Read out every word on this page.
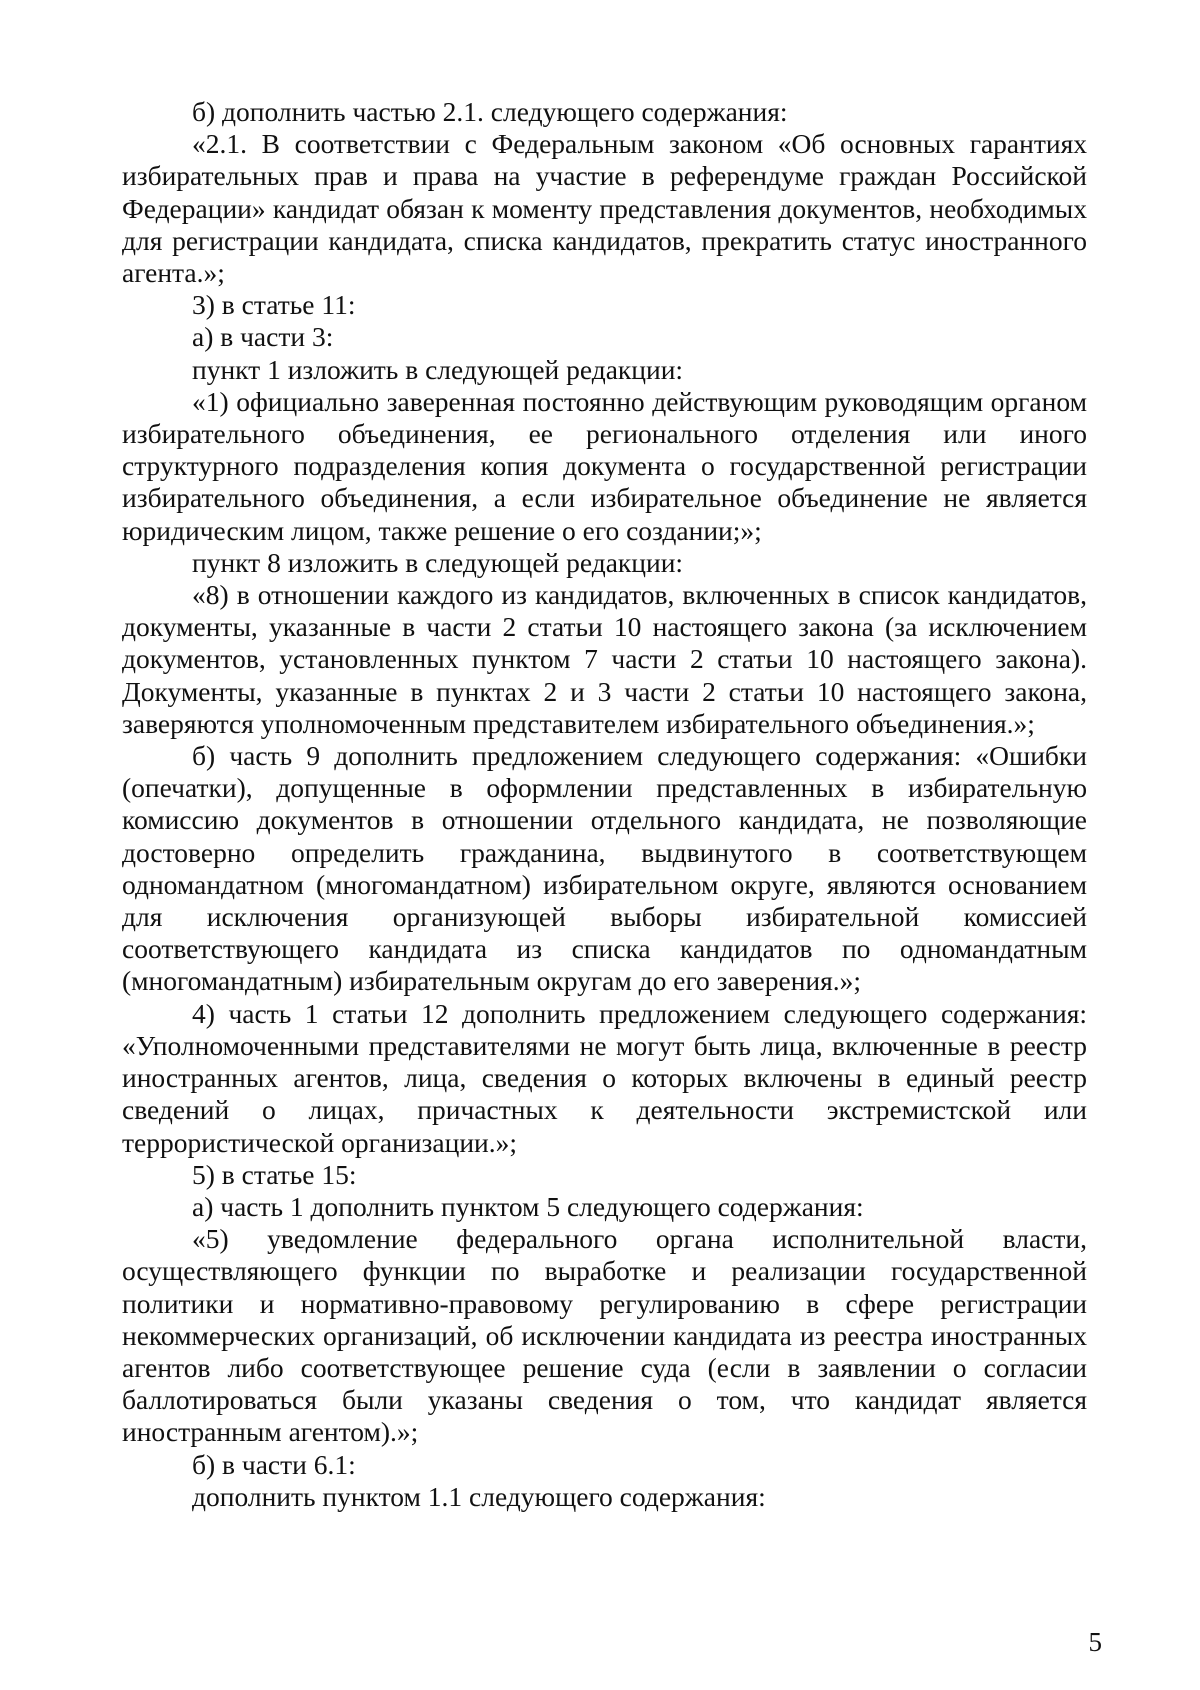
б) дополнить частью 2.1. следующего содержания:

«2.1. В соответствии с Федеральным законом «Об основных гарантиях избирательных прав и права на участие в референдуме граждан Российской Федерации» кандидат обязан к моменту представления документов, необходимых для регистрации кандидата, списка кандидатов, прекратить статус иностранного агента.»;

3) в статье 11:

а) в части 3:

пункт 1 изложить в следующей редакции:

«1) официально заверенная постоянно действующим руководящим органом избирательного объединения, ее регионального отделения или иного структурного подразделения копия документа о государственной регистрации избирательного объединения, а если избирательное объединение не является юридическим лицом, также решение о его создании;»;

пункт 8 изложить в следующей редакции:

«8) в отношении каждого из кандидатов, включенных в список кандидатов, документы, указанные в части 2 статьи 10 настоящего закона (за исключением документов, установленных пунктом 7 части 2 статьи 10 настоящего закона). Документы, указанные в пунктах 2 и 3 части 2 статьи 10 настоящего закона, заверяются уполномоченным представителем избирательного объединения.»;

б) часть 9 дополнить предложением следующего содержания: «Ошибки (опечатки), допущенные в оформлении представленных в избирательную комиссию документов в отношении отдельного кандидата, не позволяющие достоверно определить гражданина, выдвинутого в соответствующем одномандатном (многомандатном) избирательном округе, являются основанием для исключения организующей выборы избирательной комиссией соответствующего кандидата из списка кандидатов по одномандатным (многомандатным) избирательным округам до его заверения.»;

4) часть 1 статьи 12 дополнить предложением следующего содержания: «Уполномоченными представителями не могут быть лица, включенные в реестр иностранных агентов, лица, сведения о которых включены в единый реестр сведений о лицах, причастных к деятельности экстремистской или террористической организации.»;

5) в статье 15:

а) часть 1 дополнить пунктом 5 следующего содержания:

«5) уведомление федерального органа исполнительной власти, осуществляющего функции по выработке и реализации государственной политики и нормативно-правовому регулированию в сфере регистрации некоммерческих организаций, об исключении кандидата из реестра иностранных агентов либо соответствующее решение суда (если в заявлении о согласии баллотироваться были указаны сведения о том, что кандидат является иностранным агентом).»;

б) в части 6.1:

дополнить пунктом 1.1 следующего содержания:

5
